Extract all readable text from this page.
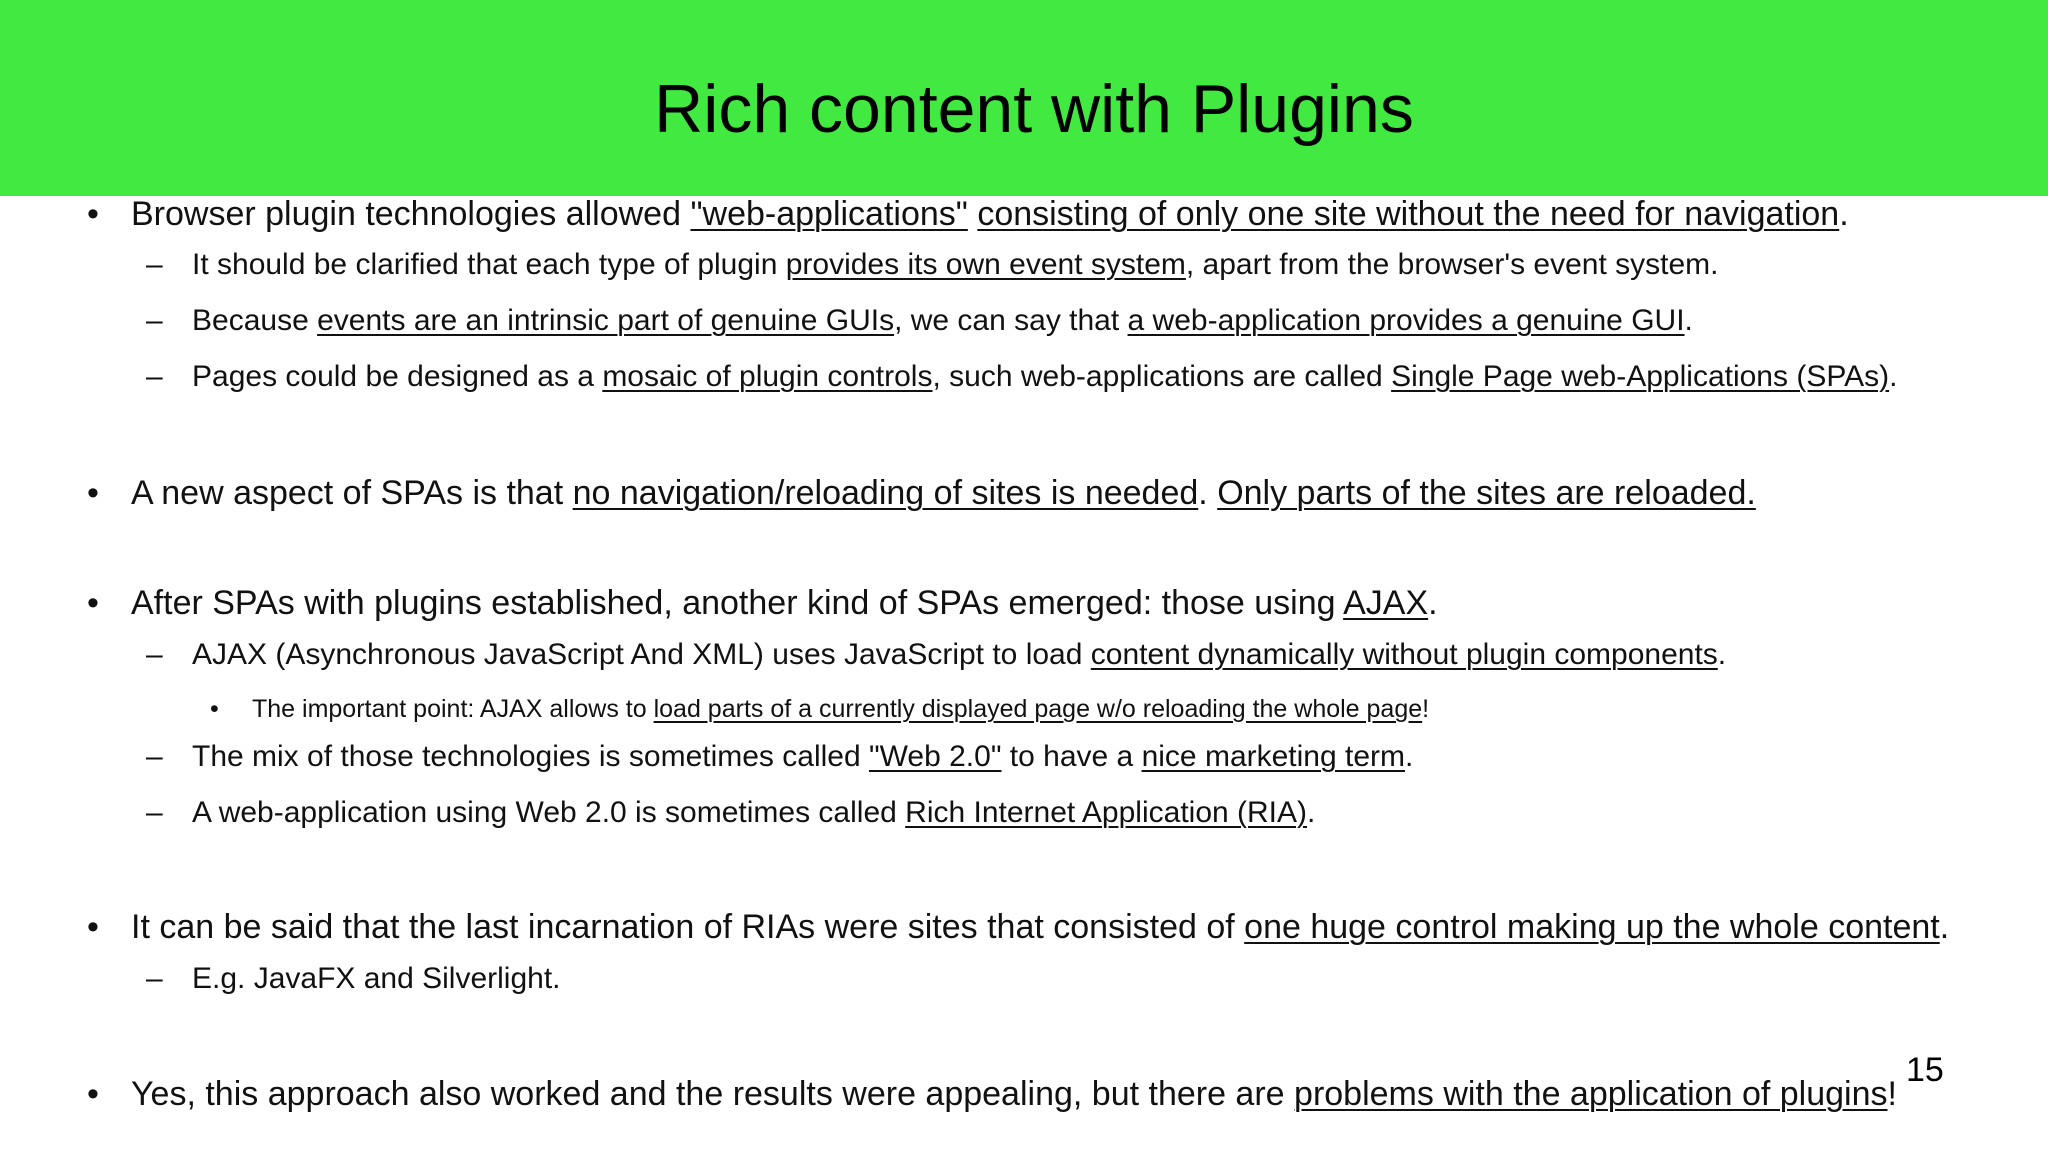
Rich content with Plugins
• Browser plugin technologies allowed "web-applications" consisting of only one site without the need for navigation.
– It should be clarified that each type of plugin provides its own event system, apart from the browser's event system.
– Because events are an intrinsic part of genuine GUIs, we can say that a web-application provides a genuine GUI.
– Pages could be designed as a mosaic of plugin controls, such web-applications are called Single Page web-Applications (SPAs).
• A new aspect of SPAs is that no navigation/reloading of sites is needed. Only parts of the sites are reloaded.
• After SPAs with plugins established, another kind of SPAs emerged: those using AJAX.
– AJAX (Asynchronous JavaScript And XML) uses JavaScript to load content dynamically without plugin components.
• The important point: AJAX allows to load parts of a currently displayed page w/o reloading the whole page!
– The mix of those technologies is sometimes called "Web 2.0" to have a nice marketing term.
– A web-application using Web 2.0 is sometimes called Rich Internet Application (RIA).
• It can be said that the last incarnation of RIAs were sites that consisted of one huge control making up the whole content.
– E.g. JavaFX and Silverlight.
• Yes, this approach also worked and the results were appealing, but there are problems with the application of plugins!
15
